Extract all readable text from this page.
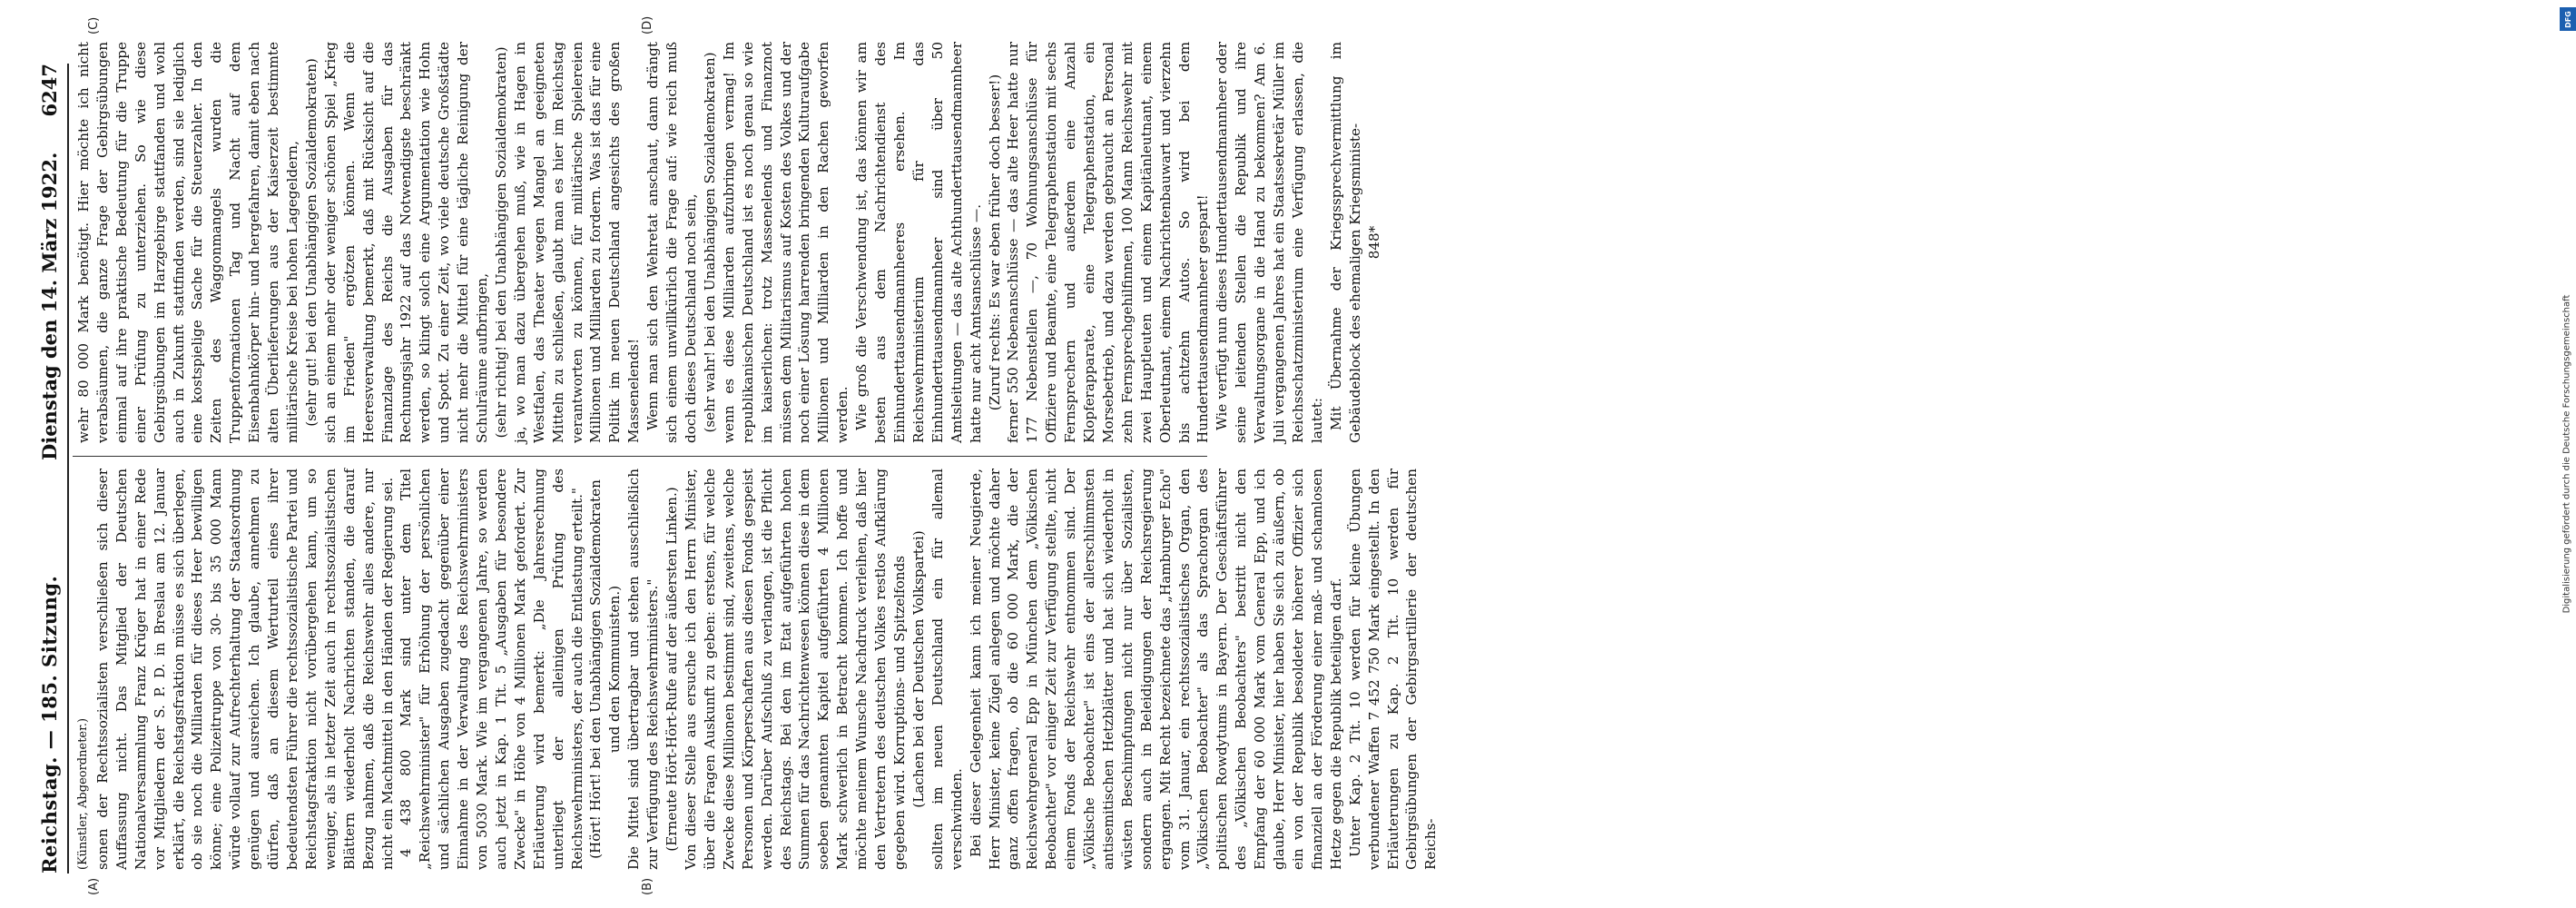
Reichstag. — 185. Sitzung.
Dienstag den 14. März 1922.
6247
(A)	(B)
(C)	(D)

(Künstler, Abgeordneter.) sonen der Rechtssozialisten verschließen sich dieser Auffassung nicht. Das Mitglied der Deutschen Nationalversammlung Franz Krüger hat in einer Rede vor Mitgliedern der S. P. D. in Breslau am 12. Januar erklärt, die Reichstagsfraktion müsse es sich überlegen, ob sie noch die Milliarden für dieses Heer bewilligen könne; eine Polizeitruppe von 30- bis 35 000 Mann würde vollauf zur Aufrechterhaltung der Staatsordnung genügen und ausreichen. Ich glaube, annehmen zu dürfen, daß an diesem Werturteil eines ihrer bedeutendsten Führer die rechtssozialistische Partei und Reichstagsfraktion nicht vorübergehen kann, um so weniger, als in letzter Zeit auch in rechtssozialistischen Blättern wiederholt Nachrichten standen, die darauf Bezug nahmen, daß die Reichswehr alles andere, nur nicht ein Machtmittel in den Händen der Regierung sei. 4 438 800 Mark sind unter dem Titel „Reichswehrminister" für Erhöhung der persönlichen und sächlichen Ausgaben zugedacht gegenüber einer Einnahme in der Verwaltung des Reichswehrministers von 5030 Mark. Wie im vergangenen Jahre, so werden auch jetzt in Kap. 1 Tit. 5 „Ausgaben für besondere Zwecke" in Höhe von 4 Millionen Mark gefordert. Zur Erläuterung wird bemerkt: „Die Jahresrechnung unterliegt der alleinigen Prüfung des Reichswehrministers, der auch die Entlastung erteilt." (Hört! Hört! bei den Unabhängigen Sozialdemokraten und den Kommunisten.) Die Mittel sind übertragbar und stehen ausschließlich zur Verfügung des Reichswehrministers." (Erneute Hört-Hört-Rufe auf der äußersten Linken.) Von dieser Stelle aus ersuche ich den Herrn Minister, über die Fragen Auskunft zu geben: erstens, für welche Zwecke diese Millionen bestimmt sind, zweitens, welche Personen und Körperschaften aus diesen Fonds gespeist werden. Darüber Aufschluß zu verlangen, ist die Pflicht des Reichstags. Bei den im Etat aufgeführten hohen Summen für das Nachrichtenwesen können diese in dem soeben genannten Kapitel aufgeführten 4 Millionen Mark schwerlich in Betracht kommen. Ich hoffe und möchte meinem Wunsche Nachdruck verleihen, daß hier den Vertretern des deutschen Volkes restlos Aufklärung gegeben wird. Korruptions- und Spitzelfonds (Lachen bei der Deutschen Volkspartei) sollten im neuen Deutschland ein für allemal verschwinden. Bei dieser Gelegenheit kann ich meiner Neugierde, Herr Minister, keine Zügel anlegen und möchte daher ganz offen fragen, ob die 60 000 Mark, die der Reichswehrgeneral Epp in München dem „Völkischen Beobachter" vor einiger Zeit zur Verfügung stellte, nicht einem Fonds der Reichswehr entnommen sind. Der „Völkische Beobachter" ist eins der allerschlimmsten antisemitischen Hetzblätter und hat sich wiederholt in wüsten Beschimpfungen nicht nur über Sozialisten, sondern auch in Beleidigungen der Reichsregierung ergangen. Mit Recht bezeichnete das „Hamburger Echo" vom 31. Januar, ein rechtssozialistisches Organ, den „Völkischen Beobachter" als das Sprachorgan des politischen Rowdytums in Bayern. Der Geschäftsführer des „Völkischen Beobachters" bestritt nicht den Empfang der 60 000 Mark vom General Epp, und ich glaube, Herr Minister, hier haben Sie sich zu äußern, ob ein von der Republik besoldeter höherer Offizier sich finanziell an der Förderung einer maß- und schamlosen Hetze gegen die Republik beteiligen darf. Unter Kap. 2 Tit. 10 werden für kleine Übungen verbundener Waffen 7 452 750 Mark eingestellt. In den Erläuterungen zu Kap. 2 Tit. 10 werden für Gebirgsübungen der Gebirgsartillerie der deutschen Reichs-

wehr 80 000 Mark benötigt. Hier möchte ich nicht verabsäumen, die ganze Frage der Gebirgsübungen einmal auf ihre praktische Bedeutung für die Truppe einer Prüfung zu unterziehen. So wie diese Gebirgsübungen im Harzgebirge stattfanden und wohl auch in Zukunft stattfinden werden, sind sie lediglich eine kostspielige Sache für die Steuerzahler. In den Zeiten des Waggonmangels wurden die Truppenformationen Tag und Nacht auf dem Eisenbahnkörper hin- und hergefahren, damit eben nach alten Überlieferungen aus der Kaiserzeit bestimmte militärische Kreise bei hohen Lagegeldern, (sehr gut! bei den Unabhängigen Sozialdemokraten) sich an einem mehr oder weniger schönen Spiel „Krieg im Frieden" ergötzen können. Wenn die Heeresverwaltung bemerkt, daß mit Rücksicht auf die Finanzlage des Reichs die Ausgaben für das Rechnungsjahr 1922 auf das Notwendigste beschränkt werden, so klingt solch eine Argumentation wie Hohn und Spott. Zu einer Zeit, wo viele deutsche Großstädte nicht mehr die Mittel für eine tägliche Reinigung der Schulräume aufbringen, (sehr richtig! bei den Unabhängigen Sozialdemokraten) ja, wo man dazu übergehen muß, wie in Hagen in Westfalen, das Theater wegen Mangel an geeigneten Mitteln zu schließen, glaubt man es hier im Reichstag verantworten zu können, für militärische Spielereien Millionen und Milliarden zu fordern. Was ist das für eine Politik im neuen Deutschland angesichts des großen Massenelends! Wenn man sich den Wehretat anschaut, dann drängt sich einem unwillkürlich die Frage auf: wie reich muß doch dieses Deutschland noch sein, (sehr wahr! bei den Unabhängigen Sozialdemokraten) wenn es diese Milliarden aufzubringen vermag! Im republikanischen Deutschland ist es noch genau so wie im kaiserlichen: trotz Massenelends und Finanznot müssen dem Militarismus auf Kosten des Volkes und der noch einer Lösung harrenden bringenden Kulturaufgabe Millionen und Milliarden in den Rachen geworfen werden. Wie groß die Verschwendung ist, das können wir am besten aus dem Nachrichtendienst des Einhunderttausendmannheeres ersehen. Im Reichswehrministerium für das Einhunderttausendmannheer sind über 50 Amtsleitungen — das alte Achthunderttausendmannheer hatte nur acht Amtsanschlüsse —. (Zuruf rechts: Es war eben früher doch besser!) ferner 550 Nebenanschlüsse — das alte Heer hatte nur 177 Nebenstellen —, 70 Wohnungsanschlüsse für Offiziere und Beamte, eine Telegraphenstation mit sechs Fernsprechern und außerdem eine Anzahl Klopferapparate, eine Telegraphenstation, ein Morsebetrieb, und dazu werden gebraucht an Personal zehn Fernsprechgehilfinnen, 100 Mann Reichswehr mit zwei Hauptleuten und einem Kapitänleutnant, einem Oberleutnant, einem Nachrichtenbauwart und vierzehn bis achtzehn Autos. So wird bei dem Hunderttausendmannheer gespart! Wie verfügt nun dieses Hunderttausendmannheer oder seine leitenden Stellen die Republik und ihre Verwaltungsorgane in die Hand zu bekommen? Am 6. Juli vergangenen Jahres hat ein Staatssekretär Müller im Reichsschatzministerium eine Verfügung erlassen, die lautet: Mit Übernahme der Kriegssprechvermittlung im Gebäudeblock des ehemaligen Kriegsministe- 848*

DFG
Digitalisierung gefördert durch die Deutsche Forschungsgemeinschaft
